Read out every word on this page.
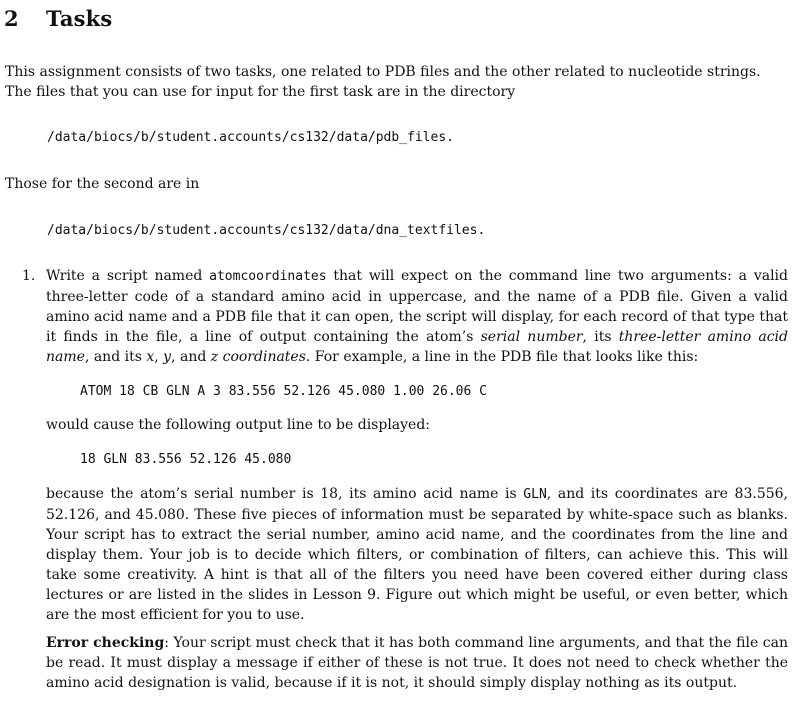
2 Tasks

This assignment consists of two tasks, one related to PDB files and the other related to nucleotide strings.

The files that you can use for input for the first task are in the directory

/data/biocs/b/student.accounts/cs132/data/pdb_files.

Those for the second are in

/data/biocs/b/student.accounts/cs132/data/dna_textfiles.

1. Write a script named atomcoordinates that will expect on the command line two arguments: a valid three-letter code of a standard amino acid in uppercase, and the name of a PDB file. Given a valid amino acid name and a PDB file that it can open, the script will display, for each record of that type that it finds in the file, a line of output containing the atom’s serial number, its three-letter amino acid name, and its x, y, and z coordinates. For example, a line in the PDB file that looks like this:

ATOM 18 CB GLN A 3 83.556 52.126 45.080 1.00 26.06 C

would cause the following output line to be displayed:

18 GLN 83.556 52.126 45.080

because the atom’s serial number is 18, its amino acid name is GLN, and its coordinates are 83.556, 52.126, and 45.080. These five pieces of information must be separated by white-space such as blanks. Your script has to extract the serial number, amino acid name, and the coordinates from the line and display them. Your job is to decide which filters, or combination of filters, can achieve this. This will take some creativity. A hint is that all of the filters you need have been covered either during class lectures or are listed in the slides in Lesson 9. Figure out which might be useful, or even better, which are the most efficient for you to use.

Error checking: Your script must check that it has both command line arguments, and that the file can be read. It must display a message if either of these is not true. It does not need to check whether the amino acid designation is valid, because if it is not, it should simply display nothing as its output.
